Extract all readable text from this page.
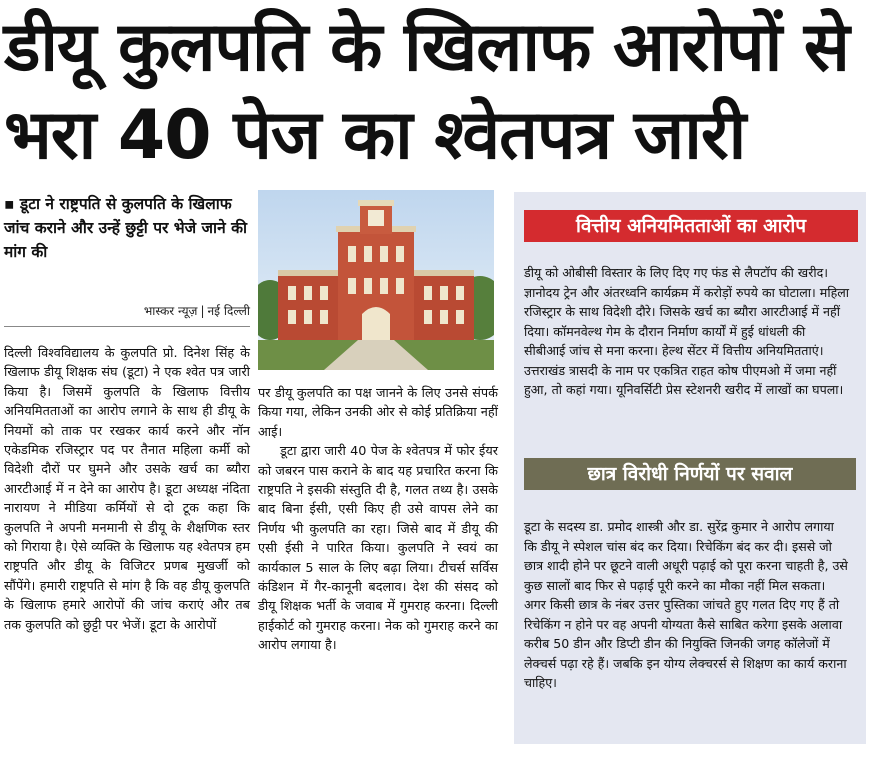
डीयू कुलपति के खिलाफ आरोपों से भरा 40 पेज का श्वेतपत्र जारी

▪ डूटा ने राष्ट्रपति से कुलपति के खिलाफ जांच कराने और उन्हें छुट्टी पर भेजे जाने की मांग की

भास्कर न्यूज़ | नई दिल्ली

दिल्ली विश्वविद्यालय के कुलपति प्रो. दिनेश सिंह के खिलाफ डीयू शिक्षक संघ (डूटा) ने एक श्वेत पत्र जारी किया है। जिसमें कुलपति के खिलाफ वित्तीय अनियमितताओं का आरोप लगाने के साथ ही डीयू के नियमों को ताक पर रखकर कार्य करने और नॉन एकेडमिक रजिस्ट्रार पद पर तैनात महिला कर्मी को विदेशी दौरों पर घुमने और उसके खर्च का ब्यौरा आरटीआई में न देने का आरोप है। डूटा अध्यक्ष नंदिता नारायण ने मीडिया कर्मियों से दो टूक कहा कि कुलपति ने अपनी मनमानी से डीयू के शैक्षणिक स्तर को गिराया है। ऐसे व्यक्ति के खिलाफ यह श्वेतपत्र हम राष्ट्रपति और डीयू के विजिटर प्रणब मुखर्जी को सौंपेंगे। हमारी राष्ट्रपति से मांग है कि वह डीयू कुलपति के खिलाफ हमारे आरोपों की जांच कराएं और तब तक कुलपति को छुट्टी पर भेजें। डूटा के आरोपों

पर डीयू कुलपति का पक्ष जानने के लिए उनसे संपर्क किया गया, लेकिन उनकी ओर से कोई प्रतिक्रिया नहीं आई।

डूटा द्वारा जारी 40 पेज के श्वेतपत्र में फोर ईयर को जबरन पास कराने के बाद यह प्रचारित करना कि राष्ट्रपति ने इसकी संस्तुति दी है, गलत तथ्य है। उसके बाद बिना ईसी, एसी किए ही उसे वापस लेने का निर्णय भी कुलपति का रहा। जिसे बाद में डीयू की एसी ईसी ने पारित किया। कुलपति ने स्वयं का कार्यकाल 5 साल के लिए बढ़ा लिया। टीचर्स सर्विस कंडिशन में गैर-कानूनी बदलाव। देश की संसद को डीयू शिक्षक भर्ती के जवाब में गुमराह करना। दिल्ली हाईकोर्ट को गुमराह करना। नेक को गुमराह करने का आरोप लगाया है।

वित्तीय अनियमितताओं का आरोप

डीयू को ओबीसी विस्तार के लिए दिए गए फंड से लैपटॉप की खरीद। ज्ञानोदय ट्रेन और अंतरध्वनि कार्यक्रम में करोड़ों रुपये का घोटाला। महिला रजिस्ट्रार के साथ विदेशी दौरे। जिसके खर्च का ब्यौरा आरटीआई में नहीं दिया। कॉमनवेल्थ गेम के दौरान निर्माण कार्यों में हुई धांधली की सीबीआई जांच से मना करना। हेल्थ सेंटर में वित्तीय अनियमितताएं। उत्तराखंड त्रासदी के नाम पर एकत्रित राहत कोष पीएमओ में जमा नहीं हुआ, तो कहां गया। यूनिवर्सिटी प्रेस स्टेशनरी खरीद में लाखों का घपला।

छात्र विरोधी निर्णयों पर सवाल

डूटा के सदस्य डा. प्रमोद शास्त्री और डा. सुरेंद्र कुमार ने आरोप लगाया कि डीयू ने स्पेशल चांस बंद कर दिया। रिचेकिंग बंद कर दी। इससे जो छात्र शादी होने पर छूटने वाली अधूरी पढ़ाई को पूरा करना चाहती है, उसे कुछ सालों बाद फिर से पढ़ाई पूरी करने का मौका नहीं मिल सकता। अगर किसी छात्र के नंबर उत्तर पुस्तिका जांचते हुए गलत दिए गए हैं तो रिचेकिंग न होने पर वह अपनी योग्यता कैसे साबित करेगा इसके अलावा करीब 50 डीन और डिप्टी डीन की नियुक्ति जिनकी जगह कॉलेजों में लेक्चर्स पढ़ा रहे हैं। जबकि इन योग्य लेक्चरर्स से शिक्षण का कार्य कराना चाहिए।
